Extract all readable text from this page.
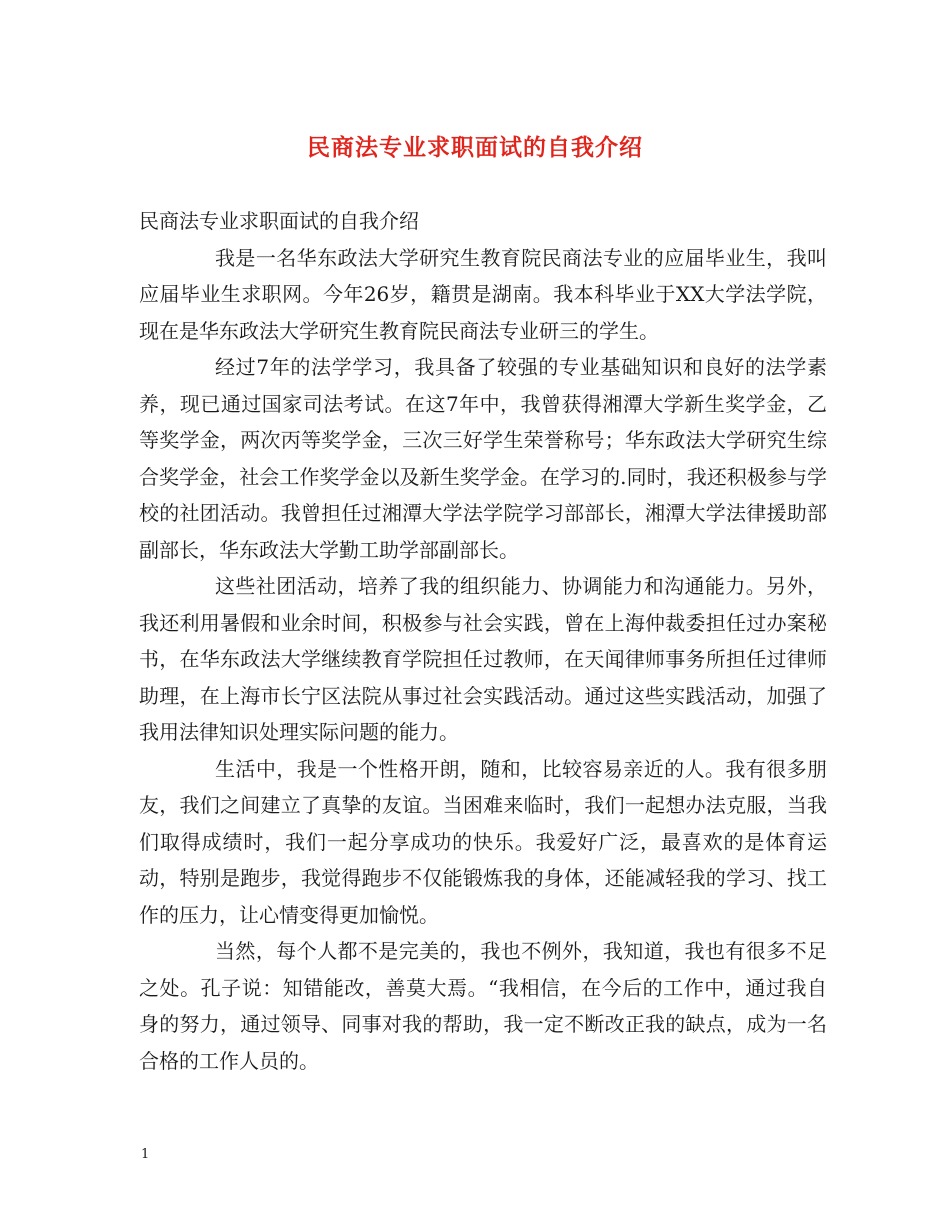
民商法专业求职面试的自我介绍

民商法专业求职面试的自我介绍

我是一名华东政法大学研究生教育院民商法专业的应届毕业生，我叫应届毕业生求职网。今年26岁，籍贯是湖南。我本科毕业于XX大学法学院，现在是华东政法大学研究生教育院民商法专业研三的学生。

经过7年的法学学习，我具备了较强的专业基础知识和良好的法学素养，现已通过国家司法考试。在这7年中，我曾获得湘潭大学新生奖学金，乙等奖学金，两次丙等奖学金，三次三好学生荣誉称号；华东政法大学研究生综合奖学金，社会工作奖学金以及新生奖学金。在学习的.同时，我还积极参与学校的社团活动。我曾担任过湘潭大学法学院学习部部长，湘潭大学法律援助部副部长，华东政法大学勤工助学部副部长。

这些社团活动，培养了我的组织能力、协调能力和沟通能力。另外，我还利用暑假和业余时间，积极参与社会实践，曾在上海仲裁委担任过办案秘书，在华东政法大学继续教育学院担任过教师，在天闻律师事务所担任过律师助理，在上海市长宁区法院从事过社会实践活动。通过这些实践活动，加强了我用法律知识处理实际问题的能力。

生活中，我是一个性格开朗，随和，比较容易亲近的人。我有很多朋友，我们之间建立了真挚的友谊。当困难来临时，我们一起想办法克服，当我们取得成绩时，我们一起分享成功的快乐。我爱好广泛，最喜欢的是体育运动，特别是跑步，我觉得跑步不仅能锻炼我的身体，还能减轻我的学习、找工作的压力，让心情变得更加愉悦。

当然，每个人都不是完美的，我也不例外，我知道，我也有很多不足之处。孔子说：知错能改，善莫大焉。“我相信，在今后的工作中，通过我自身的努力，通过领导、同事对我的帮助，我一定不断改正我的缺点，成为一名合格的工作人员的。

1
